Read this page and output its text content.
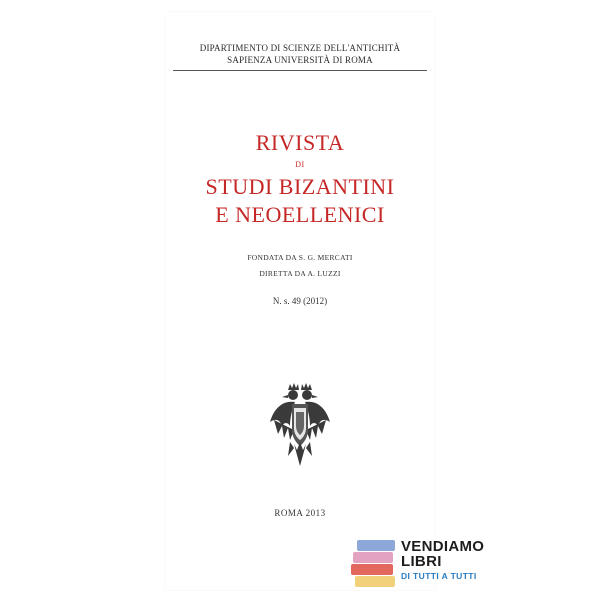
DIPARTIMENTO DI SCIENZE DELL'ANTICHITÀ
SAPIENZA UNIVERSITÀ DI ROMA
RIVISTA
DI
STUDI BIZANTINI
E NEOELLENICI
FONDATA DA S. G. MERCATI
DIRETTA DA A. LUZZI
N. s. 49 (2012)
ROMA 2013
VENDIAMO
LIBRI
DI TUTTI A TUTTI
